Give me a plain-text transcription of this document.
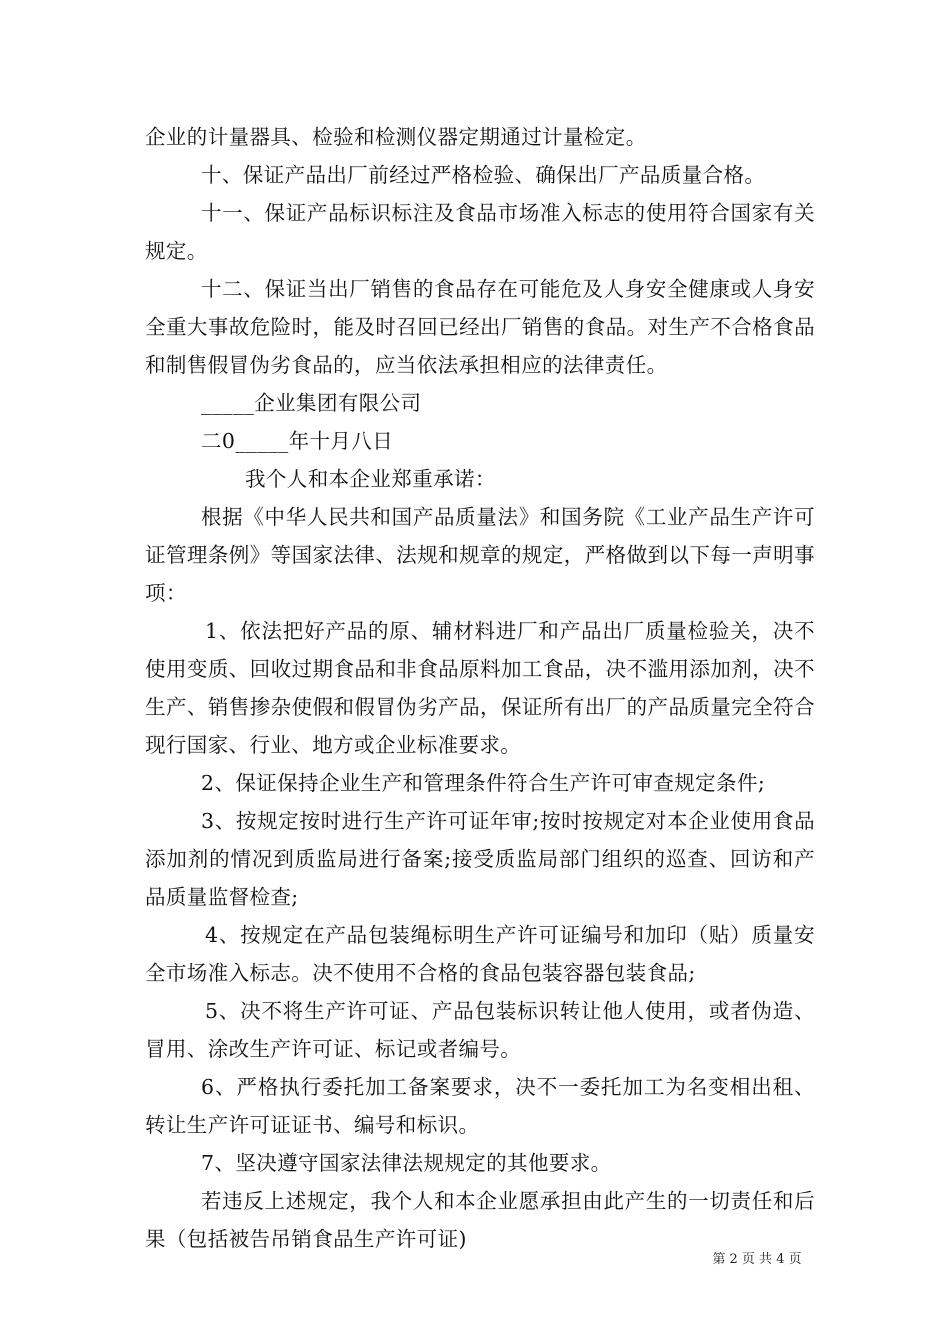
企业的计量器具、检验和检测仪器定期通过计量检定。

十、保证产品出厂前经过严格检验、确保出厂产品质量合格。

十一、保证产品标识标注及食品市场准入标志的使用符合国家有关规定。

十二、保证当出厂销售的食品存在可能危及人身安全健康或人身安全重大事故危险时，能及时召回已经出厂销售的食品。对生产不合格食品和制售假冒伪劣食品的，应当依法承担相应的法律责任。

_____企业集团有限公司

二0_____年十月八日

我个人和本企业郑重承诺：

根据《中华人民共和国产品质量法》和国务院《工业产品生产许可证管理条例》等国家法律、法规和规章的规定，严格做到以下每一声明事项：

1、依法把好产品的原、辅材料进厂和产品出厂质量检验关，决不使用变质、回收过期食品和非食品原料加工食品，决不滥用添加剂，决不生产、销售掺杂使假和假冒伪劣产品，保证所有出厂的产品质量完全符合现行国家、行业、地方或企业标准要求。

2、保证保持企业生产和管理条件符合生产许可审查规定条件;

3、按规定按时进行生产许可证年审;按时按规定对本企业使用食品添加剂的情况到质监局进行备案;接受质监局部门组织的巡查、回访和产品质量监督检查;

4、按规定在产品包装绳标明生产许可证编号和加印（贴）质量安全市场准入标志。决不使用不合格的食品包装容器包装食品;

5、决不将生产许可证、产品包装标识转让他人使用，或者伪造、冒用、涂改生产许可证、标记或者编号。

6、严格执行委托加工备案要求，决不一委托加工为名变相出租、转让生产许可证证书、编号和标识。

7、坚决遵守国家法律法规规定的其他要求。

若违反上述规定，我个人和本企业愿承担由此产生的一切责任和后果（包括被告吊销食品生产许可证)

第 2 页 共 4 页
